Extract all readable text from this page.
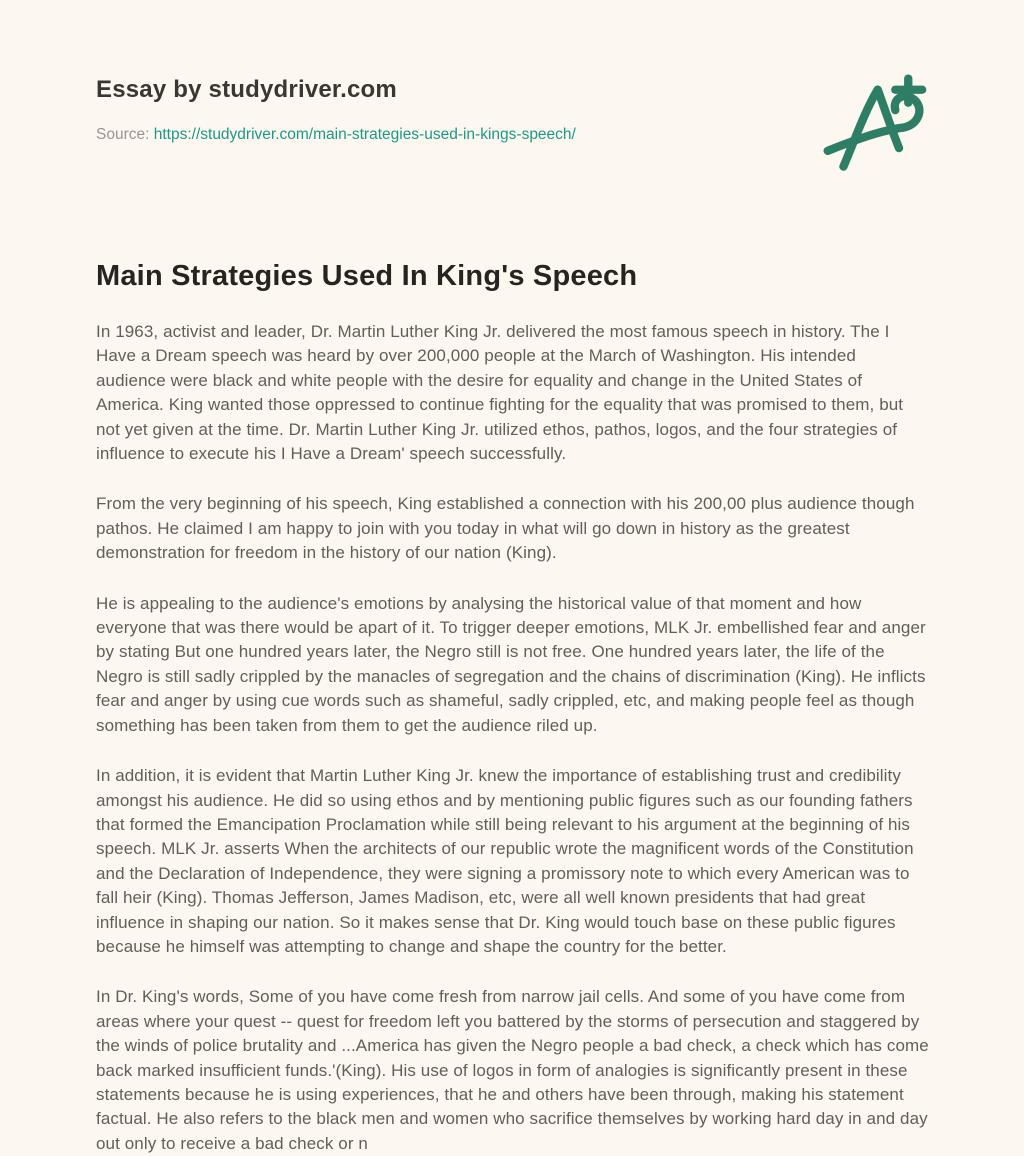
Essay by studydriver.com

Source: https://studydriver.com/main-strategies-used-in-kings-speech/

Main Strategies Used In King's Speech

In 1963, activist and leader, Dr. Martin Luther King Jr. delivered the most famous speech in history. The I Have a Dream speech was heard by over 200,000 people at the March of Washington. His intended audience were black and white people with the desire for equality and change in the United States of America. King wanted those oppressed to continue fighting for the equality that was promised to them, but not yet given at the time. Dr. Martin Luther King Jr. utilized ethos, pathos, logos, and the four strategies of influence to execute his I Have a Dream' speech successfully.

From the very beginning of his speech, King established a connection with his 200,00 plus audience though pathos. He claimed I am happy to join with you today in what will go down in history as the greatest demonstration for freedom in the history of our nation (King).

He is appealing to the audience's emotions by analysing the historical value of that moment and how everyone that was there would be apart of it. To trigger deeper emotions, MLK Jr. embellished fear and anger by stating But one hundred years later, the Negro still is not free. One hundred years later, the life of the Negro is still sadly crippled by the manacles of segregation and the chains of discrimination (King). He inflicts fear and anger by using cue words such as shameful, sadly crippled, etc, and making people feel as though something has been taken from them to get the audience riled up.

In addition, it is evident that Martin Luther King Jr. knew the importance of establishing trust and credibility amongst his audience. He did so using ethos and by mentioning public figures such as our founding fathers that formed the Emancipation Proclamation while still being relevant to his argument at the beginning of his speech. MLK Jr. asserts When the architects of our republic wrote the magnificent words of the Constitution and the Declaration of Independence, they were signing a promissory note to which every American was to fall heir (King). Thomas Jefferson, James Madison, etc, were all well known presidents that had great influence in shaping our nation. So it makes sense that Dr. King would touch base on these public figures because he himself was attempting to change and shape the country for the better.

In Dr. King's words, Some of you have come fresh from narrow jail cells. And some of you have come from areas where your quest -- quest for freedom left you battered by the storms of persecution and staggered by the winds of police brutality and ...America has given the Negro people a bad check, a check which has come back marked insufficient funds.'(King). His use of logos in form of analogies is significantly present in these statements because he is using experiences, that he and others have been through, making his statement factual. He also refers to the black men and women who sacrifice themselves by working hard day in and day out only to receive a bad check or n
